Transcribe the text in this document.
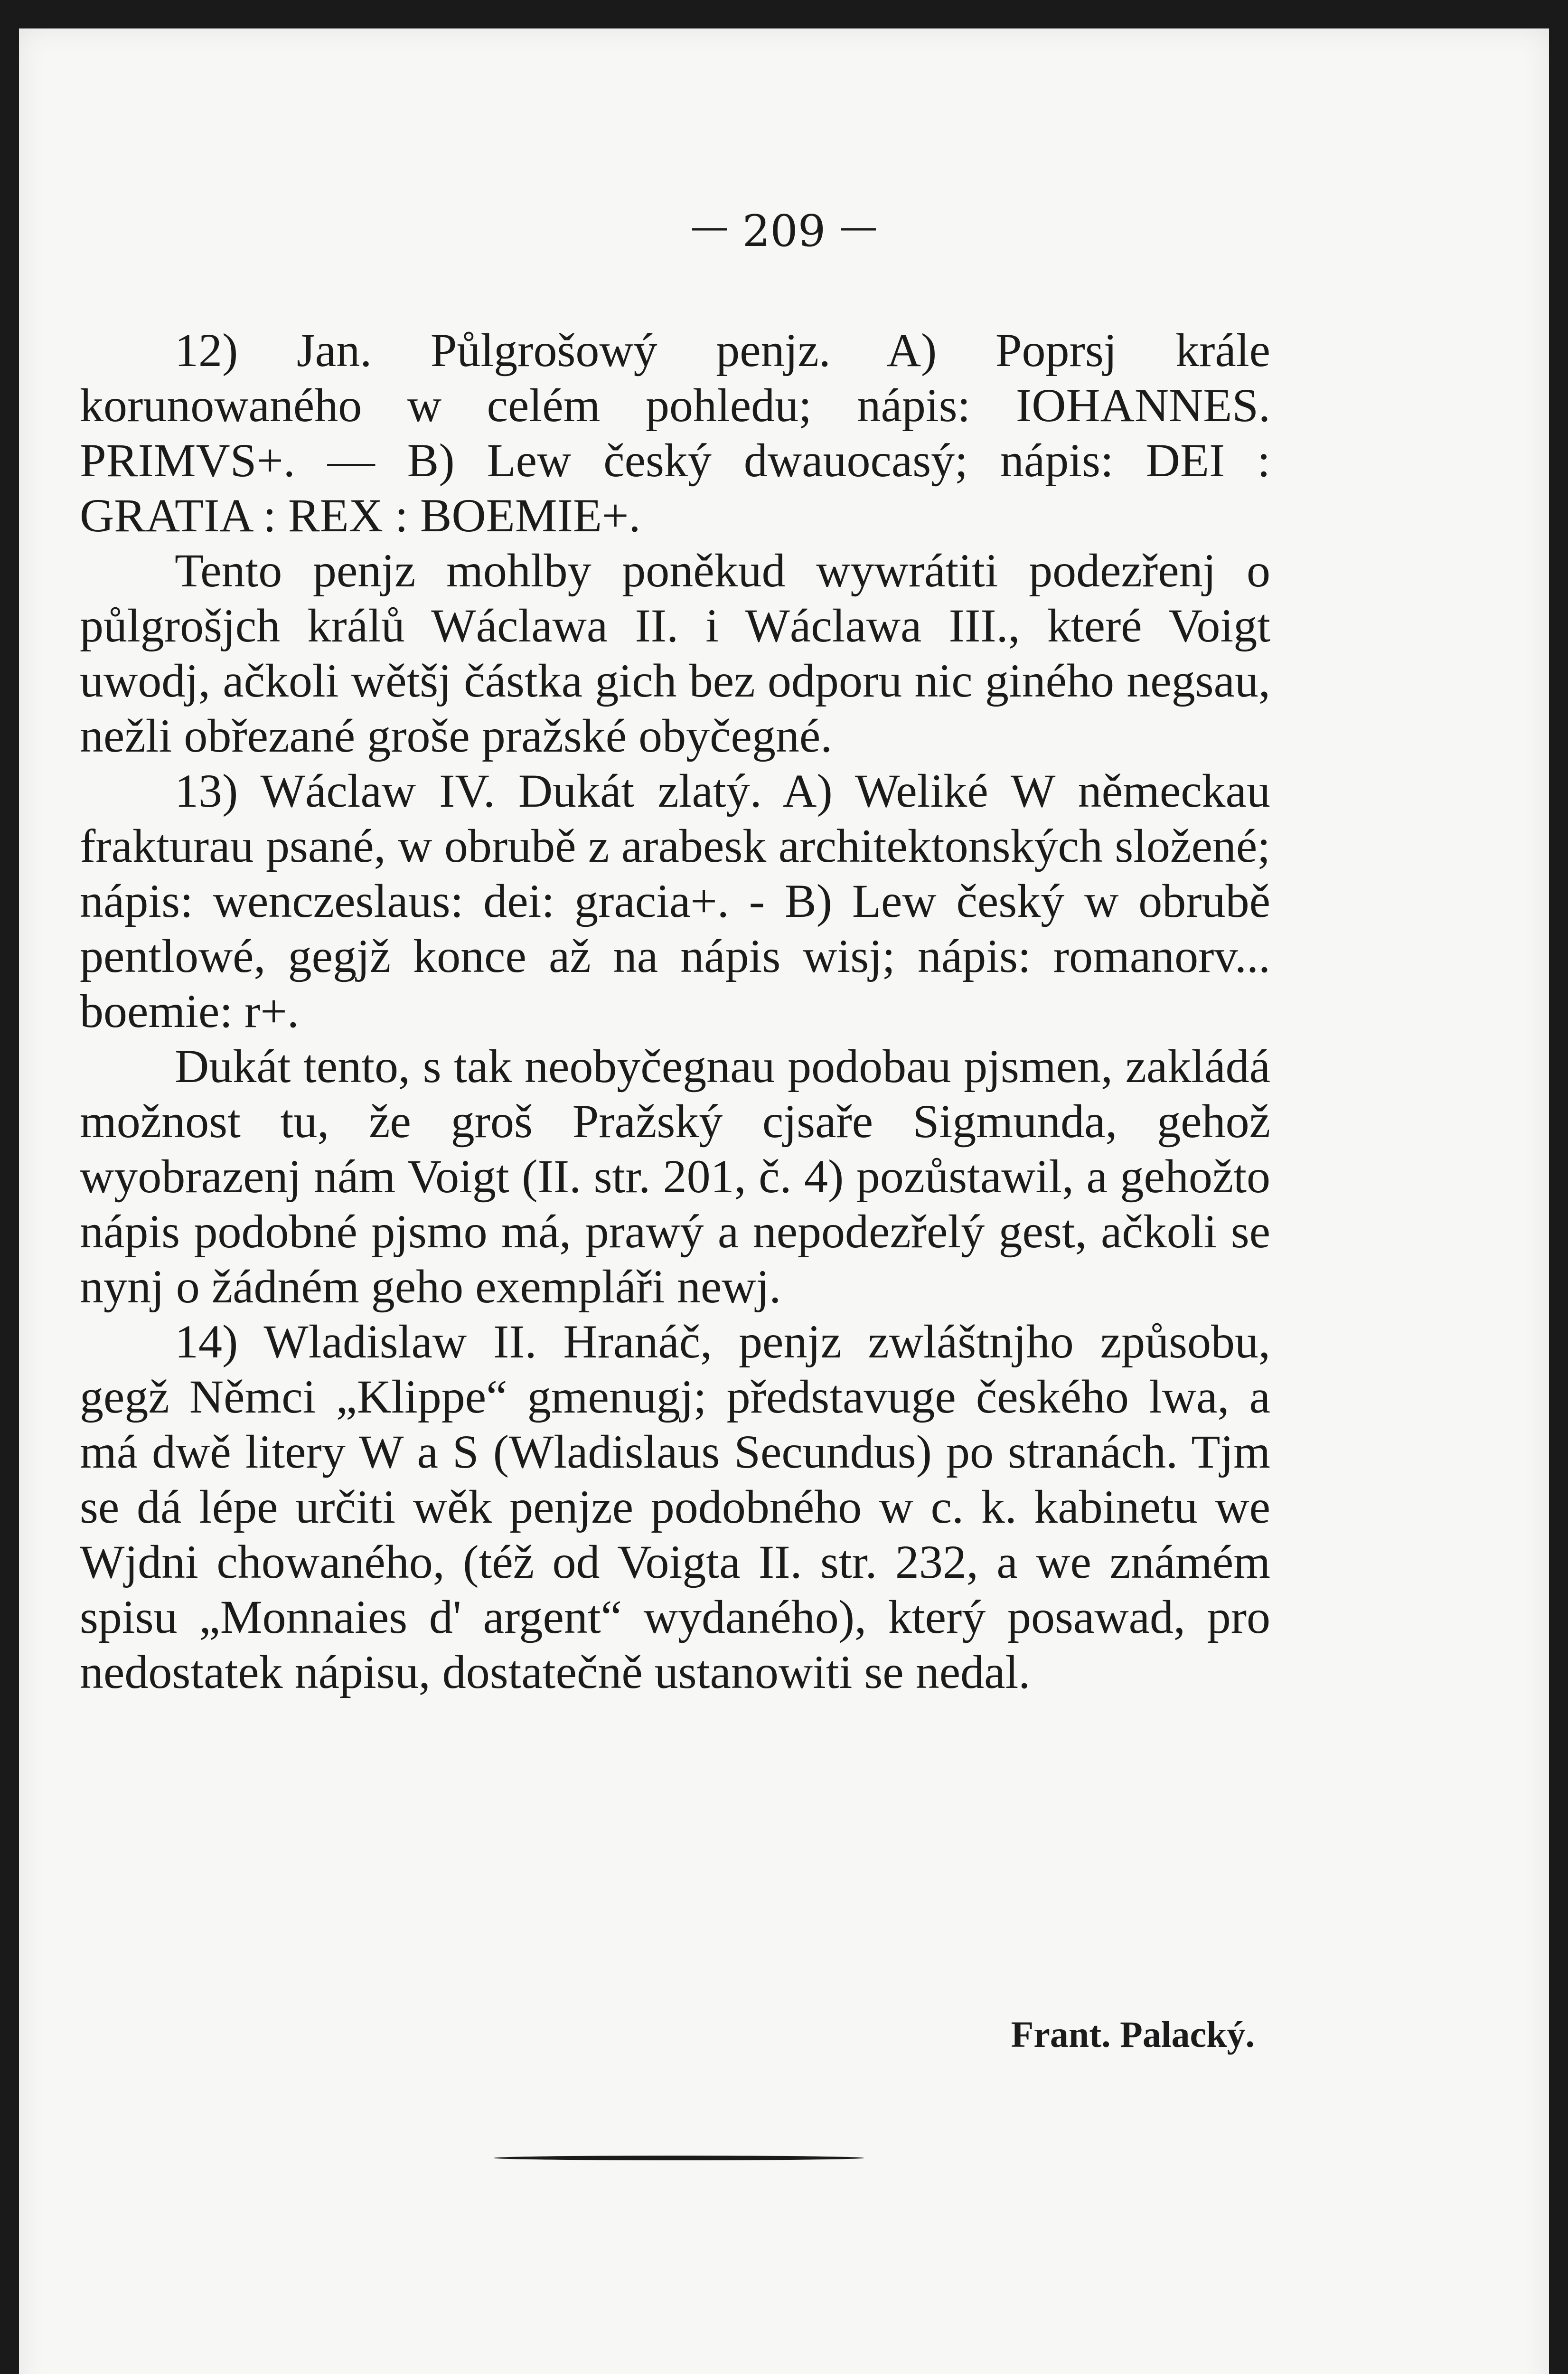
— 209 —

12) Jan. Půlgrošowý penjz. A) Poprsj krále korunowaného w celém pohledu; nápis: IOHANNES. PRIMVS+. — B) Lew český dwauocasý; nápis: DEI : GRATIA : REX : BOEMIE+.

Tento penjz mohlby poněkud wywrátiti podezřenj o půlgrošjch králů Wáclawa II. i Wáclawa III., které Voigt uwodj, ačkoli wětšj částka gich bez odporu nic giného negsau, nežli obřezané groše pražské obyčegné.

13) Wáclaw IV. Dukát zlatý. A) Weliké W německau frakturau psané, w obrubě z arabesk architektonských složené; nápis: wenczeslaus: dei: gracia+. - B) Lew český w obrubě pentlowé, gegjž konce až na nápis wisj; nápis: romanorv... boemie: r+.

Dukát tento, s tak neobyčegnau podobau pjsmen, zakládá možnost tu, že groš Pražský cjsaře Sigmunda, gehož wyobrazenj nám Voigt (II. str. 201, č. 4) pozůstawil, a gehožto nápis podobné pjsmo má, prawý a nepodezřelý gest, ačkoli se nynj o žádném geho exempláři newj.

14) Wladislaw II. Hranáč, penjz zwláštnjho způsobu, gegž Němci „Klippe“ gmenugj; představuge českého lwa, a má dwě litery W a S (Wladislaus Secundus) po stranách. Tjm se dá lépe určiti wěk penjze podobného w c. k. kabinetu we Wjdni chowaného, (též od Voigta II. str. 232, a we známém spisu „Monnaies d' argent“ wydaného), který posawad, pro nedostatek nápisu, dostatečně ustanowiti se nedal.

Frant. Palacký.
